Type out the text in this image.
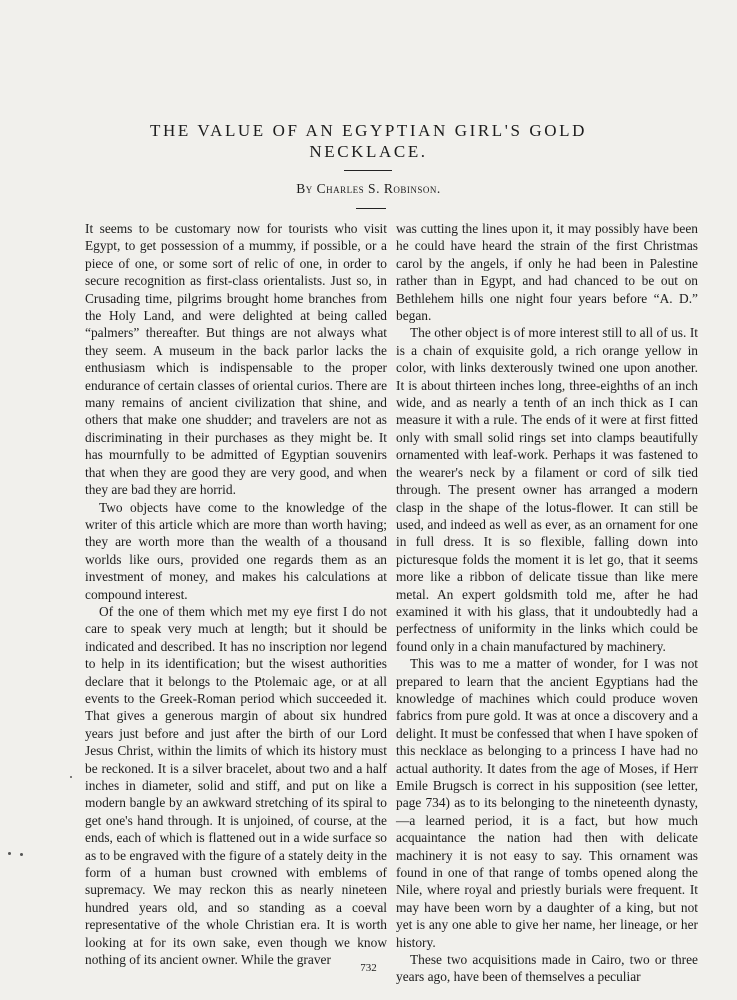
THE VALUE OF AN EGYPTIAN GIRL'S GOLD NECKLACE.
By Charles S. Robinson.

It seems to be customary now for tourists who visit Egypt, to get possession of a mummy, if possible, or a piece of one, or some sort of relic of one, in order to secure recognition as first-class orientalists. Just so, in Crusading time, pilgrims brought home branches from the Holy Land, and were delighted at being called “palmers” thereafter. But things are not always what they seem. A museum in the back parlor lacks the enthusiasm which is indispensable to the proper endurance of certain classes of oriental curios. There are many remains of ancient civilization that shine, and others that make one shudder; and travelers are not as discriminating in their purchases as they might be. It has mournfully to be admitted of Egyptian souvenirs that when they are good they are very good, and when they are bad they are horrid.

Two objects have come to the knowledge of the writer of this article which are more than worth having; they are worth more than the wealth of a thousand worlds like ours, provided one regards them as an investment of money, and makes his calculations at compound interest.

Of the one of them which met my eye first I do not care to speak very much at length; but it should be indicated and described. It has no inscription nor legend to help in its identification; but the wisest authorities declare that it belongs to the Ptolemaic age, or at all events to the Greek-Roman period which succeeded it. That gives a generous margin of about six hundred years just before and just after the birth of our Lord Jesus Christ, within the limits of which its history must be reckoned. It is a silver bracelet, about two and a half inches in diameter, solid and stiff, and put on like a modern bangle by an awkward stretching of its spiral to get one's hand through. It is unjoined, of course, at the ends, each of which is flattened out in a wide surface so as to be engraved with the figure of a stately deity in the form of a human bust crowned with emblems of supremacy. We may reckon this as nearly nineteen hundred years old, and so standing as a coeval representative of the whole Christian era. It is worth looking at for its own sake, even though we know nothing of its ancient owner. While the graver

was cutting the lines upon it, it may possibly have been he could have heard the strain of the first Christmas carol by the angels, if only he had been in Palestine rather than in Egypt, and had chanced to be out on Bethlehem hills one night four years before “A. D.” began.

The other object is of more interest still to all of us. It is a chain of exquisite gold, a rich orange yellow in color, with links dexterously twined one upon another. It is about thirteen inches long, three-eighths of an inch wide, and as nearly a tenth of an inch thick as I can measure it with a rule. The ends of it were at first fitted only with small solid rings set into clamps beautifully ornamented with leaf-work. Perhaps it was fastened to the wearer's neck by a filament or cord of silk tied through. The present owner has arranged a modern clasp in the shape of the lotus-flower. It can still be used, and indeed as well as ever, as an ornament for one in full dress. It is so flexible, falling down into picturesque folds the moment it is let go, that it seems more like a ribbon of delicate tissue than like mere metal. An expert goldsmith told me, after he had examined it with his glass, that it undoubtedly had a perfectness of uniformity in the links which could be found only in a chain manufactured by machinery.

This was to me a matter of wonder, for I was not prepared to learn that the ancient Egyptians had the knowledge of machines which could produce woven fabrics from pure gold. It was at once a discovery and a delight. It must be confessed that when I have spoken of this necklace as belonging to a princess I have had no actual authority. It dates from the age of Moses, if Herr Emile Brugsch is correct in his supposition (see letter, page 734) as to its belonging to the nineteenth dynasty,—a learned period, it is a fact, but how much acquaintance the nation had then with delicate machinery it is not easy to say. This ornament was found in one of that range of tombs opened along the Nile, where royal and priestly burials were frequent. It may have been worn by a daughter of a king, but not yet is any one able to give her name, her lineage, or her history.

These two acquisitions made in Cairo, two or three years ago, have been of themselves a peculiar

732
